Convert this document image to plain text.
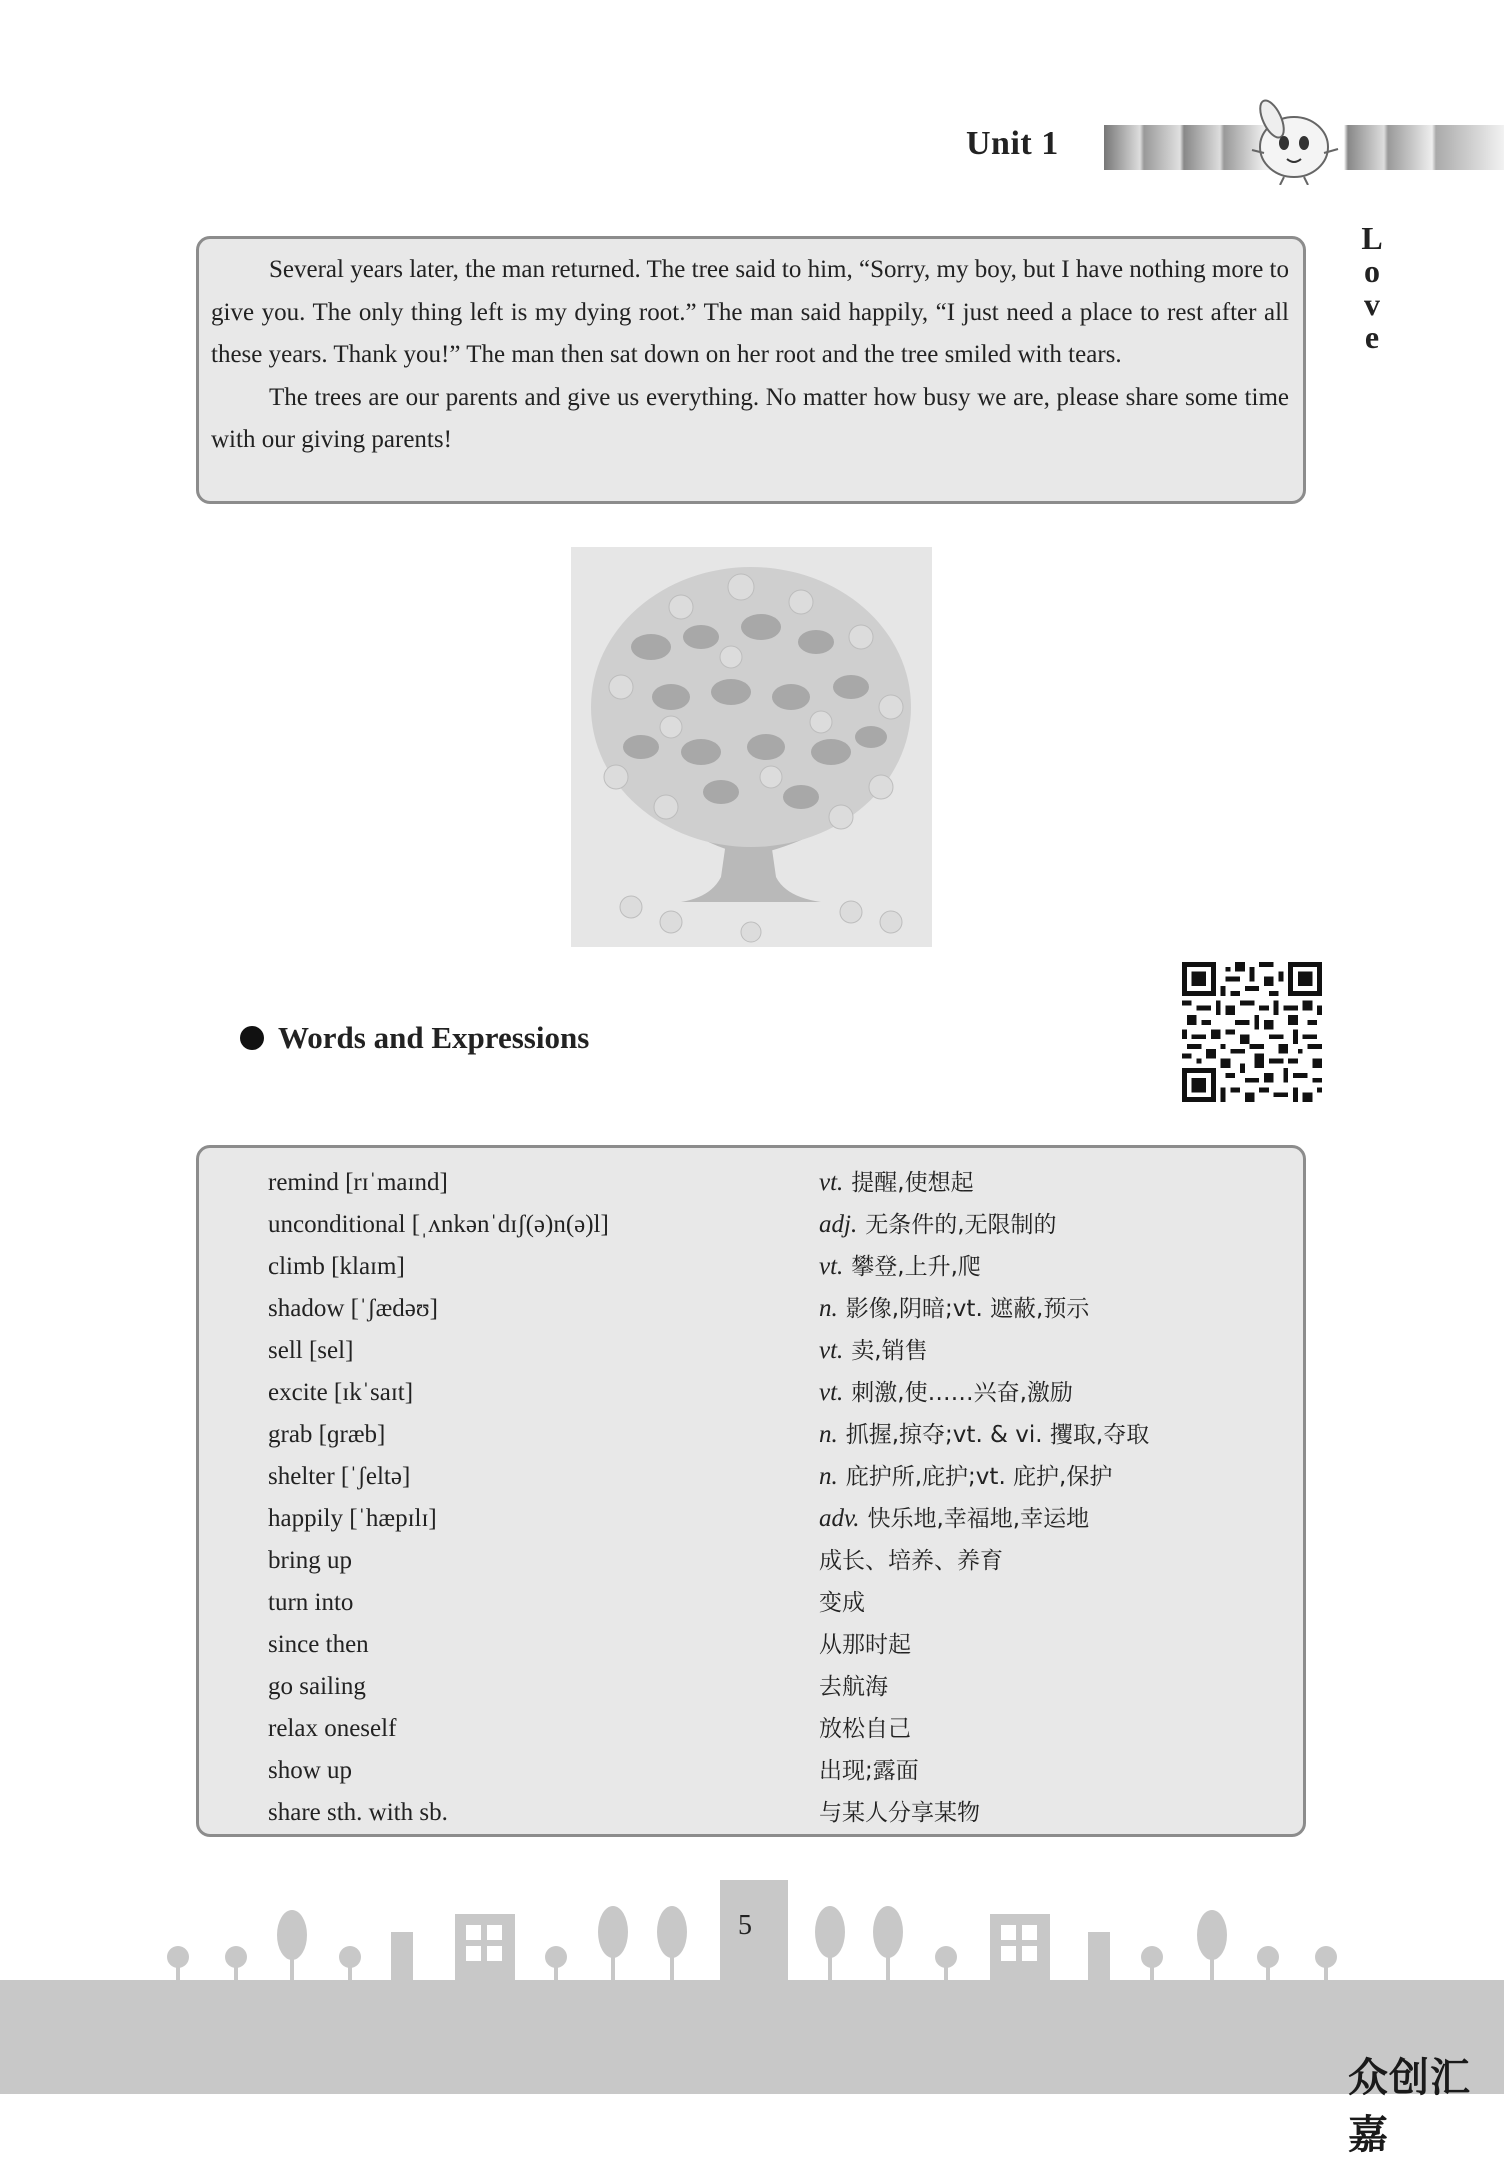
Unit 1
L
o
v
e

Several years later, the man returned. The tree said to him, “Sorry, my boy, but I have nothing more to give you. The only thing left is my dying root.” The man said happily, “I just need a place to rest after all these years. Thank you!” The man then sat down on her root and the tree smiled with tears.

The trees are our parents and give us everything. No matter how busy we are, please share some time with our giving parents!

Words and Expressions
remind [rɪˈmaɪnd]	vt. 提醒,使想起
unconditional [ˌʌnkənˈdɪʃ(ə)n(ə)l]	adj. 无条件的,无限制的
climb [klaɪm]	vt. 攀登,上升,爬
shadow [ˈʃædəʊ]	n. 影像,阴暗;vt. 遮蔽,预示
sell [sel]	vt. 卖,销售
excite [ɪkˈsaɪt]	vt. 刺激,使……兴奋,激励
grab [ɡræb]	n. 抓握,掠夺;vt. & vi. 攫取,夺取
shelter [ˈʃeltə]	n. 庇护所,庇护;vt. 庇护,保护
happily [ˈhæpɪlɪ]	adv. 快乐地,幸福地,幸运地
bring up	成长、培养、养育
turn into	变成
since then	从那时起
go sailing	去航海
relax oneself	放松自己
show up	出现;露面
share sth. with sb.	与某人分享某物
5
众创汇嘉
